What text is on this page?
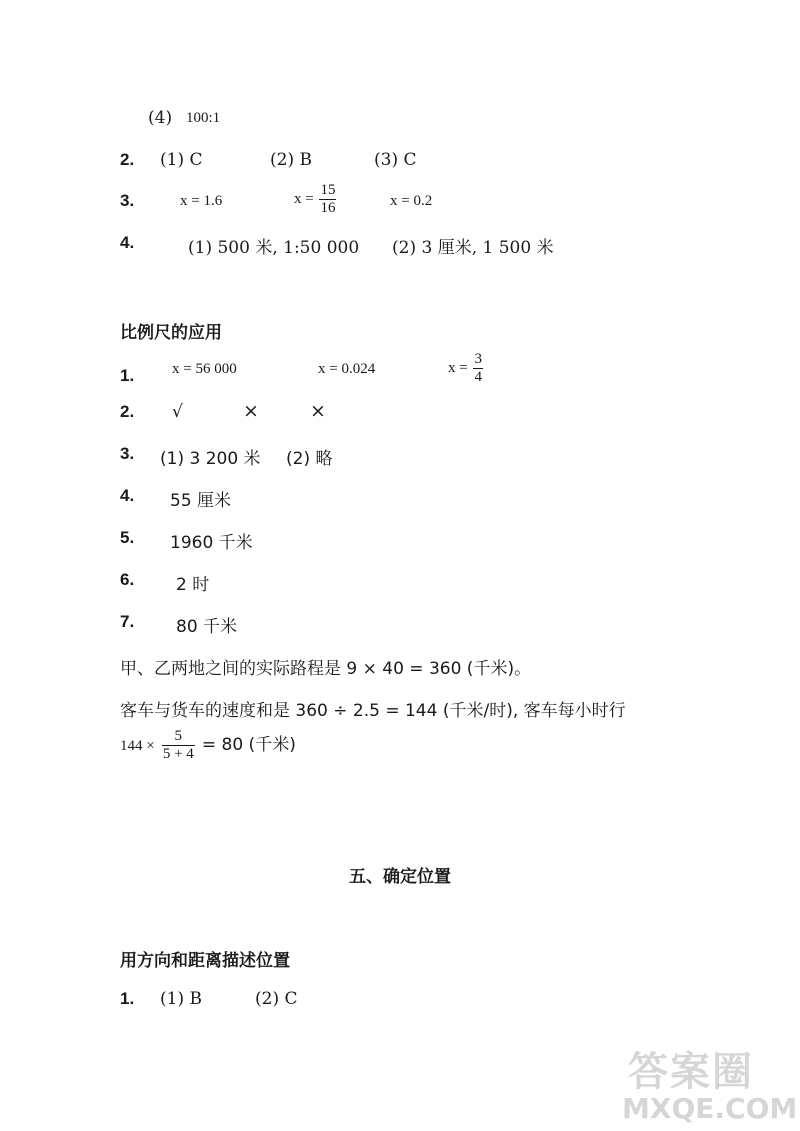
(4) 100:1
2. (1) C	(2) B	(3) C
3.	x = 1.6	$x = \frac{15}{16}$	x = 0.2
4.	(1) 500 米, 1:50 000 (2) 3 厘米, 1 500 米
比例尺的应用
1.	x = 56 000	x = 0.024	$x = \frac{3}{4}$
2. √	×	×
3. (1) 3 200 米 (2) 略
4. 55 厘米
5. 1960 千米
6. 2 时
7. 80 千米
甲、乙两地之间的实际路程是 9 × 40 = 360 (千米)。
客车与货车的速度和是 360 ÷ 2.5 = 144 (千米/时), 客车每小时行
$144 \times \frac{5}{5 + 4} = 80$ (千米)
五、确定位置
用方向和距离描述位置
1. (1) B	(2) C
答案圈
MXQE.COM
